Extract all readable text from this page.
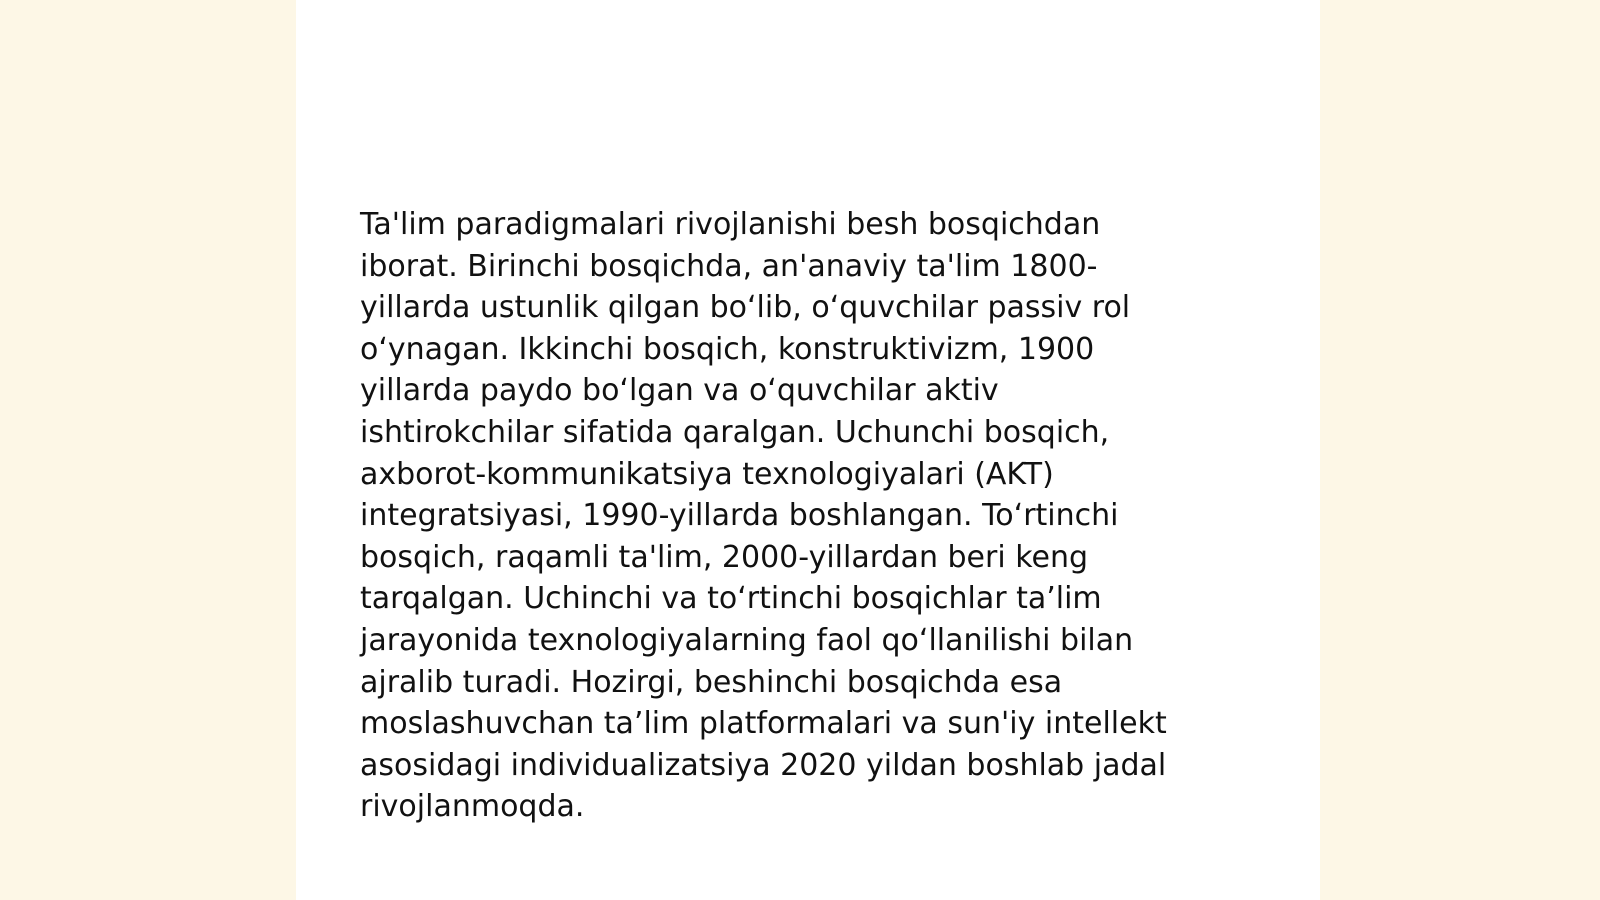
Ta'lim paradigmalari rivojlanishi besh bosqichdan
iborat. Birinchi bosqichda, an'anaviy ta'lim 1800-
yillarda ustunlik qilgan bo‘lib, o‘quvchilar passiv rol
o‘ynagan. Ikkinchi bosqich, konstruktivizm, 1900
yillarda paydo bo‘lgan va o‘quvchilar aktiv
ishtirokchilar sifatida qaralgan. Uchunchi bosqich,
axborot-kommunikatsiya texnologiyalari (AKT)
integratsiyasi, 1990-yillarda boshlangan. To‘rtinchi
bosqich, raqamli ta'lim, 2000-yillardan beri keng
tarqalgan. Uchinchi va to‘rtinchi bosqichlar ta’lim
jarayonida texnologiyalarning faol qo‘llanilishi bilan
ajralib turadi. Hozirgi, beshinchi bosqichda esa
moslashuvchan ta’lim platformalari va sun'iy intellekt
asosidagi individualizatsiya 2020 yildan boshlab jadal
rivojlanmoqda.
